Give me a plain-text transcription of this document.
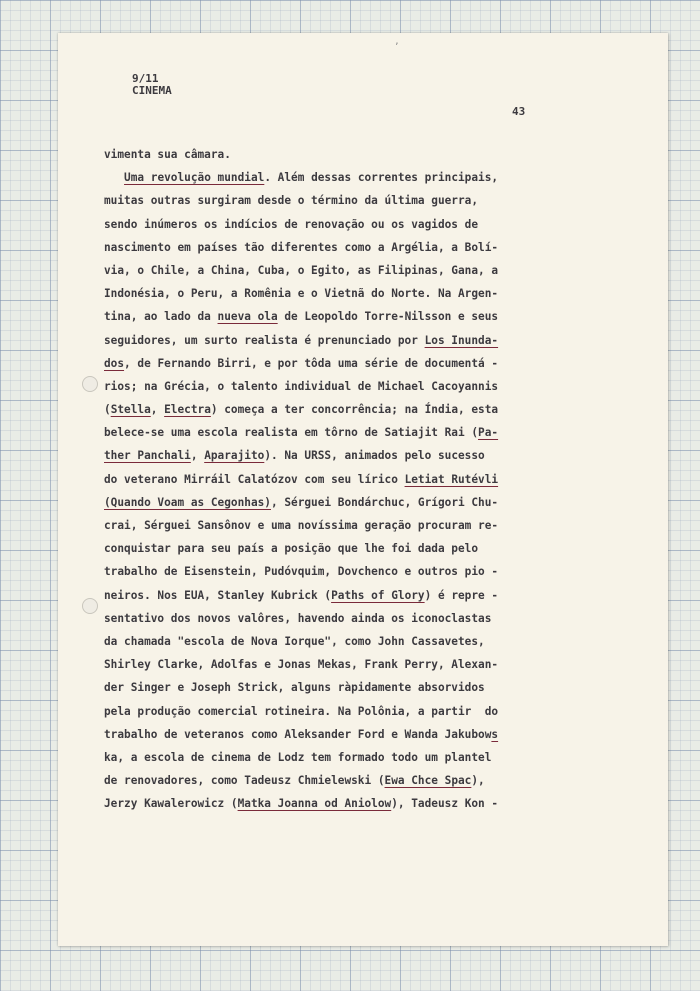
ʼ
9/11
CINEMA
43
vimenta sua câmara.
Uma revolução mundial. Além dessas correntes principais,
muitas outras surgiram desde o término da última guerra,
sendo inúmeros os indícios de renovação ou os vagidos de
nascimento em países tão diferentes como a Argélia, a Bolí-
via, o Chile, a China, Cuba, o Egito, as Filipinas, Gana, a
Indonésia, o Peru, a Romênia e o Vietnã do Norte. Na Argen-
tina, ao lado da nueva ola de Leopoldo Torre-Nilsson e seus
seguidores, um surto realista é prenunciado por Los Inunda-
dos, de Fernando Birri, e por tôda uma série de documentá -
rios; na Grécia, o talento individual de Michael Cacoyannis
(Stella, Electra) começa a ter concorrência; na Índia, esta
belece-se uma escola realista em tôrno de Satiajit Rai (Pa-
ther Panchali, Aparajito). Na URSS, animados pelo sucesso
do veterano Mirráil Calatózov com seu lírico Letiat Rutévli
(Quando Voam as Cegonhas), Sérguei Bondárchuc, Grígori Chu-
crai, Sérguei Sansônov e uma novíssima geração procuram re-
conquistar para seu país a posição que lhe foi dada pelo
trabalho de Eisenstein, Pudóvquim, Dovchenco e outros pio -
neiros. Nos EUA, Stanley Kubrick (Paths of Glory) é repre -
sentativo dos novos valôres, havendo ainda os iconoclastas
da chamada "escola de Nova Iorque", como John Cassavetes,
Shirley Clarke, Adolfas e Jonas Mekas, Frank Perry, Alexan-
der Singer e Joseph Strick, alguns ràpidamente absorvidos
pela produção comercial rotineira. Na Polônia, a partir  do
trabalho de veteranos como Aleksander Ford e Wanda Jakubows
ka, a escola de cinema de Lodz tem formado todo um plantel
de renovadores, como Tadeusz Chmielewski (Ewa Chce Spac),
Jerzy Kawalerowicz (Matka Joanna od Aniolow), Tadeusz Kon -
